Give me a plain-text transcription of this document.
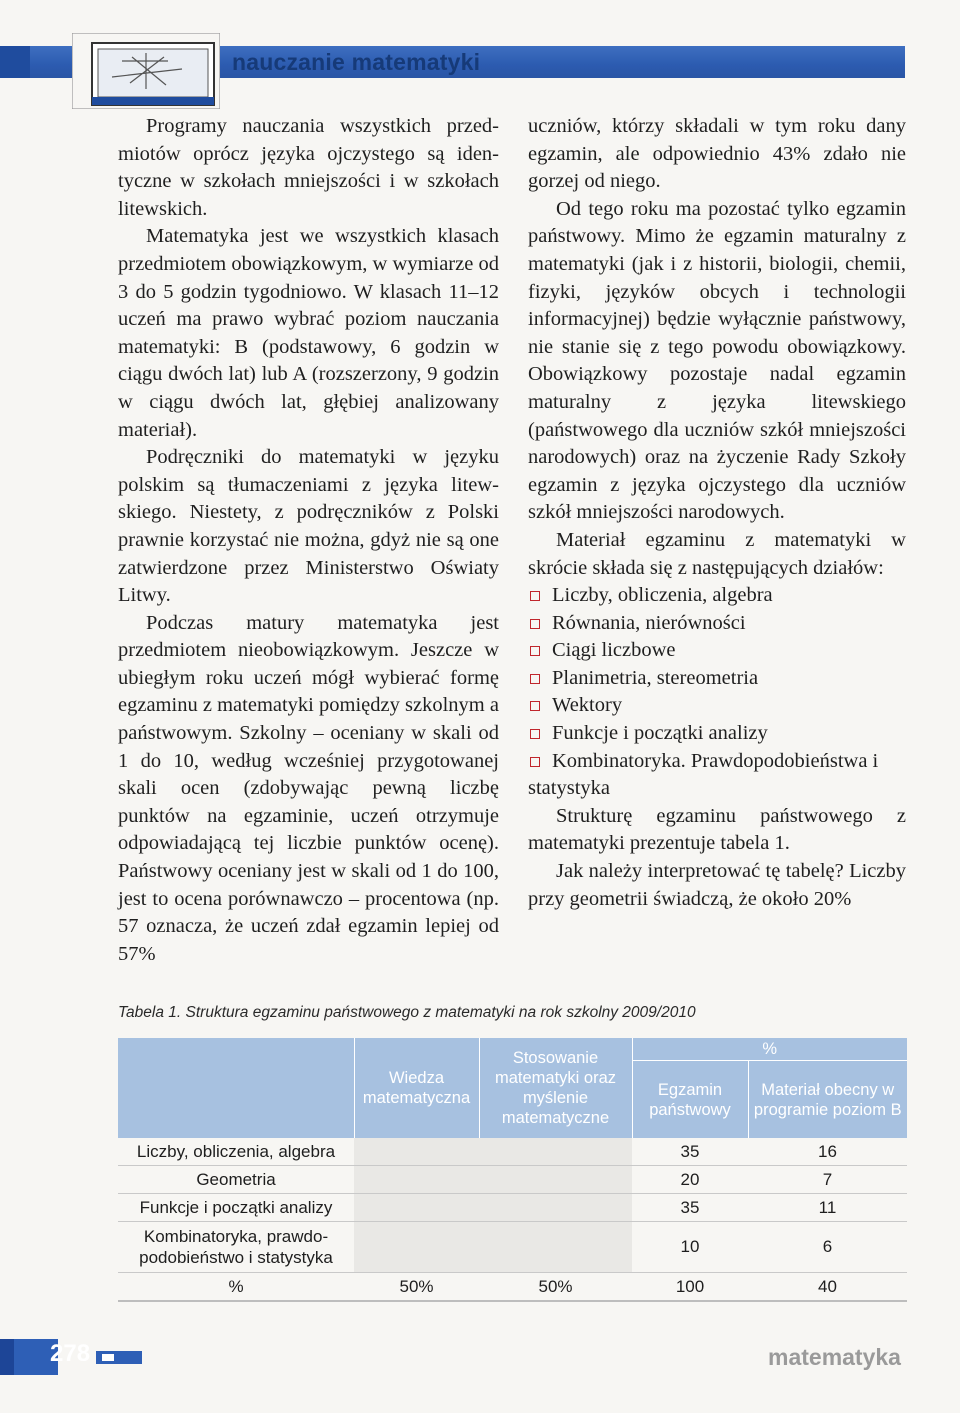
nauczanie matematyki

Programy nauczania wszystkich przedmiotów oprócz języka ojczystego są identyczne w szkołach mniejszości i w szkołach litewskich.

Matematyka jest we wszystkich klasach przedmiotem obowiązkowym, w wymiarze od 3 do 5 godzin tygodniowo. W klasach 11–12 uczeń ma prawo wybrać poziom nauczania matematyki: B (podstawowy, 6 godzin w ciągu dwóch lat) lub A (rozszerzony, 9 godzin w ciągu dwóch lat, głębiej analizowany materiał).

Podręczniki do matematyki w języku polskim są tłumaczeniami z języka litewskiego. Niestety, z podręczników z Polski prawnie korzystać nie można, gdyż nie są one zatwierdzone przez Ministerstwo Oświaty Litwy.

Podczas matury matematyka jest przedmiotem nieobowiązkowym. Jeszcze w ubiegłym roku uczeń mógł wybierać formę egzaminu z matematyki pomiędzy szkolnym a państwowym. Szkolny – oceniany w skali od 1 do 10, według wcześniej przygotowanej skali ocen (zdobywając pewną liczbę punktów na egzaminie, uczeń otrzymuje odpowiadającą tej liczbie punktów ocenę). Państwowy oceniany jest w skali od 1 do 100, jest to ocena porównawczo – procentowa (np. 57 oznacza, że uczeń zdał egzamin lepiej od 57%

uczniów, którzy składali w tym roku dany egzamin, ale odpowiednio 43% zdało nie gorzej od niego.

Od tego roku ma pozostać tylko egzamin państwowy. Mimo że egzamin maturalny z matematyki (jak i z historii, biologii, chemii, fizyki, języków obcych i technologii informacyjnej) będzie wyłącznie państwowy, nie stanie się z tego powodu obowiązkowy. Obowiązkowy pozostaje nadal egzamin maturalny z języka litewskiego (państwowego dla uczniów szkół mniejszości narodowych) oraz na życzenie Rady Szkoły egzamin z języka ojczystego dla uczniów szkół mniejszości narodowych.

Materiał egzaminu z matematyki w skrócie składa się z następujących działów:

Liczby, obliczenia, algebra
Równania, nierówności
Ciągi liczbowe
Planimetria, stereometria
Wektory
Funkcje i początki analizy
Kombinatoryka. Prawdopodobieństwa i statystyka

Strukturę egzaminu państwowego z matematyki prezentuje tabela 1.

Jak należy interpretować tę tabelę? Liczby przy geometrii świadczą, że około 20%

Tabela 1. Struktura egzaminu państwowego z matematyki na rok szkolny 2009/2010
	Wiedza matematyczna	Stosowanie matematyki oraz myślenie matematyczne	%	
			Egzamin państwowy	Materiał obecny w programie poziom B
Liczby, obliczenia, algebra			35	16
Geometria			20	7
Funkcje i początki analizy			35	11
Kombinatoryka, prawdopodobieństwo i statystyka			10	6
%	50%	50%	100	40
278	matematyka
